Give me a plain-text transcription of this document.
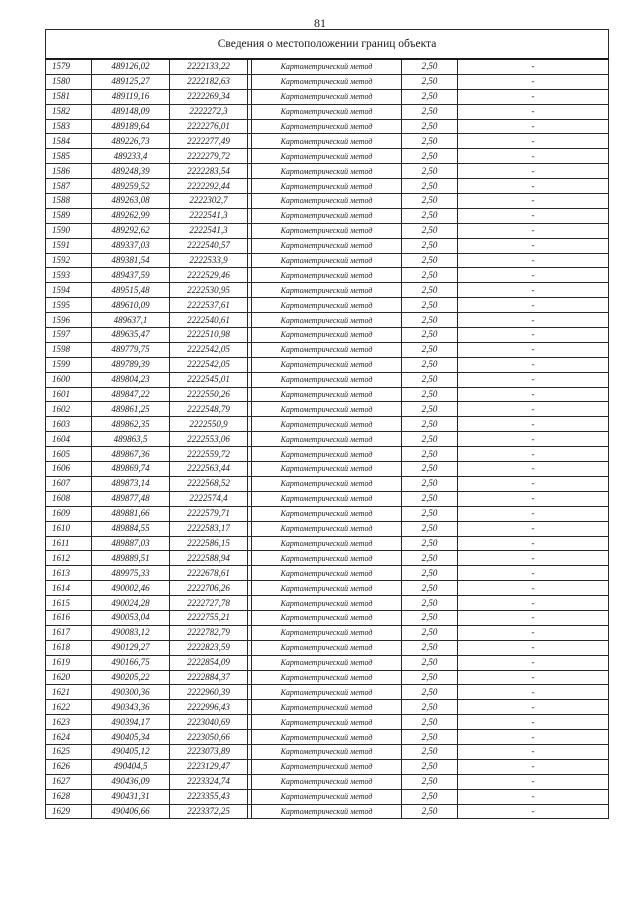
81
Сведения о местоположении границ объекта						
1579	489126,02	2222133,22		Картометрический метод	2,50	-
1580	489125,27	2222182,63		Картометрический метод	2,50	-
1581	489119,16	2222269,34		Картометрический метод	2,50	-
1582	489148,09	2222272,3		Картометрический метод	2,50	-
1583	489189,64	2222276,01		Картометрический метод	2,50	-
1584	489226,73	2222277,49		Картометрический метод	2,50	-
1585	489233,4	2222279,72		Картометрический метод	2,50	-
1586	489248,39	2222283,54		Картометрический метод	2,50	-
1587	489259,52	2222292,44		Картометрический метод	2,50	-
1588	489263,08	2222302,7		Картометрический метод	2,50	-
1589	489262,99	2222541,3		Картометрический метод	2,50	-
1590	489292,62	2222541,3		Картометрический метод	2,50	-
1591	489337,03	2222540,57		Картометрический метод	2,50	-
1592	489381,54	2222533,9		Картометрический метод	2,50	-
1593	489437,59	2222529,46		Картометрический метод	2,50	-
1594	489515,48	2222530,95		Картометрический метод	2,50	-
1595	489610,09	2222537,61		Картометрический метод	2,50	-
1596	489637,1	2222540,61		Картометрический метод	2,50	-
1597	489635,47	2222510,98		Картометрический метод	2,50	-
1598	489779,75	2222542,05		Картометрический метод	2,50	-
1599	489789,39	2222542,05		Картометрический метод	2,50	-
1600	489804,23	2222545,01		Картометрический метод	2,50	-
1601	489847,22	2222550,26		Картометрический метод	2,50	-
1602	489861,25	2222548,79		Картометрический метод	2,50	-
1603	489862,35	2222550,9		Картометрический метод	2,50	-
1604	489863,5	2222553,06		Картометрический метод	2,50	-
1605	489867,36	2222559,72		Картометрический метод	2,50	-
1606	489869,74	2222563,44		Картометрический метод	2,50	-
1607	489873,14	2222568,52		Картометрический метод	2,50	-
1608	489877,48	2222574,4		Картометрический метод	2,50	-
1609	489881,66	2222579,71		Картометрический метод	2,50	-
1610	489884,55	2222583,17		Картометрический метод	2,50	-
1611	489887,03	2222586,15		Картометрический метод	2,50	-
1612	489889,51	2222588,94		Картометрический метод	2,50	-
1613	489975,33	2222678,61		Картометрический метод	2,50	-
1614	490002,46	2222706,26		Картометрический метод	2,50	-
1615	490024,28	2222727,78		Картометрический метод	2,50	-
1616	490053,04	2222755,21		Картометрический метод	2,50	-
1617	490083,12	2222782,79		Картометрический метод	2,50	-
1618	490129,27	2222823,59		Картометрический метод	2,50	-
1619	490166,75	2222854,09		Картометрический метод	2,50	-
1620	490205,22	2222884,37		Картометрический метод	2,50	-
1621	490300,36	2222960,39		Картометрический метод	2,50	-
1622	490343,36	2222996,43		Картометрический метод	2,50	-
1623	490394,17	2223040,69		Картометрический метод	2,50	-
1624	490405,34	2223050,66		Картометрический метод	2,50	-
1625	490405,12	2223073,89		Картометрический метод	2,50	-
1626	490404,5	2223129,47		Картометрический метод	2,50	-
1627	490436,09	2223324,74		Картометрический метод	2,50	-
1628	490431,31	2223355,43		Картометрический метод	2,50	-
1629	490406,66	2223372,25		Картометрический метод	2,50	-
